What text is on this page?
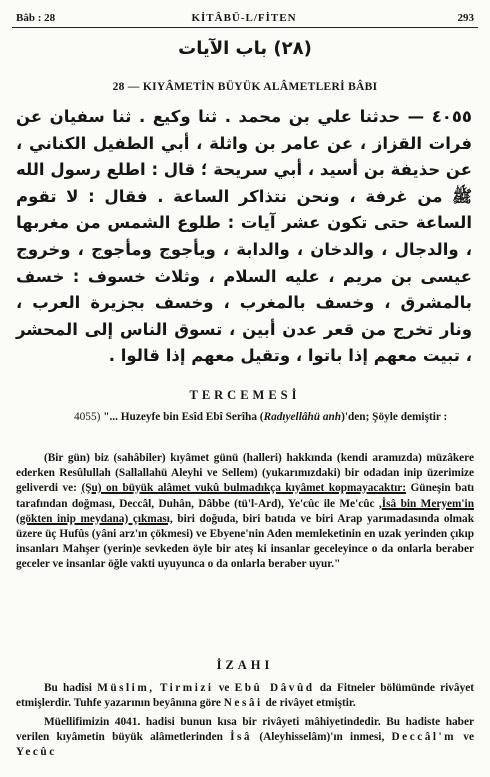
Bâb : 28	KİTÂBÜ-L/FİTEN	293
(٢٨) باب الآيات
28 — KIYÂMETİN BÜYÜK ALÂMETLERİ BÂBI
٤٠٥٥ — حدثنا علي بن محمد . ثنا وكيع . ثنا سفيان عن فرات القزاز ، عن عامر بن واثلة ، أبي الطفيل الكناني ، عن حذيفة بن أسيد ، أبي سريحة ؛ قال : اطلع رسول الله ﷺ من غرفة ، ونحن نتذاكر الساعة . فقال : لا تقوم الساعة حتى تكون عشر آيات : طلوع الشمس من مغربها ، والدجال ، والدخان ، والدابة ، ويأجوج ومأجوج ، وخروج عيسى بن مريم ، عليه السلام ، وثلاث خسوف : خسف بالمشرق ، وخسف بالمغرب ، وخسف بجزيرة العرب ، ونار تخرج من قعر عدن أبين ، تسوق الناس إلى المحشر ، تبيت معهم إذا باتوا ، وتقيل معهم إذا قالوا .
TERCEMESİ
4055) "... Huzeyfe bin Esîd Ebî Serîha (Radıyellâhü anh)'den; Şöyle demiştir :
(Bir gün) biz (sahâbiler) kıyâmet günü (halleri) hakkında (kendi aramızda) müzâkere ederken Resûlullah (Sallallahü Aleyhi ve Sellem) (yukarımızdaki) bir odadan inip üzerimize geliverdi ve: (Şu) on büyük alâmet vukû bulmadıkça kıyâmet kopmayacaktır: Güneşin batı tarafından doğması, Deccâl, Duhân, Dâbbe (tü'l-Ard), Ye'cûc ile Me'cûc ,İsâ bin Meryem'in (gökten inip meydana) çıkması, biri doğuda, biri batıda ve biri Arap yarımadasında olmak üzere üç Hufûs (yâni arz'ın çökmesi) ve Ebyene'nin Aden memleketinin en uzak yerinden çıkıp insanları Mahşer (yerin)e sevkeden öyle bir ateş ki insanlar geceleyince o da onlarla beraber geceler ve insanlar öğle vakti uyuyunca o da onlarla beraber uyur."
İZAHI
Bu hadîsi Müslim, Tirmizi ve Ebû Dâvûd da Fitneler bölümünde rivâyet etmişlerdir. Tuhfe yazarının beyânına göre Nesâi de rivâyet etmiştir.
Müellifimizin 4041. hadisi bunun kısa bir rivâyeti mâhiyetindedir. Bu hadiste haber verilen kıyâmetin büyük alâmetlerinden İsâ (Aleyhisselâm)'ın inmesi, Deccâl'm ve Yecûc
